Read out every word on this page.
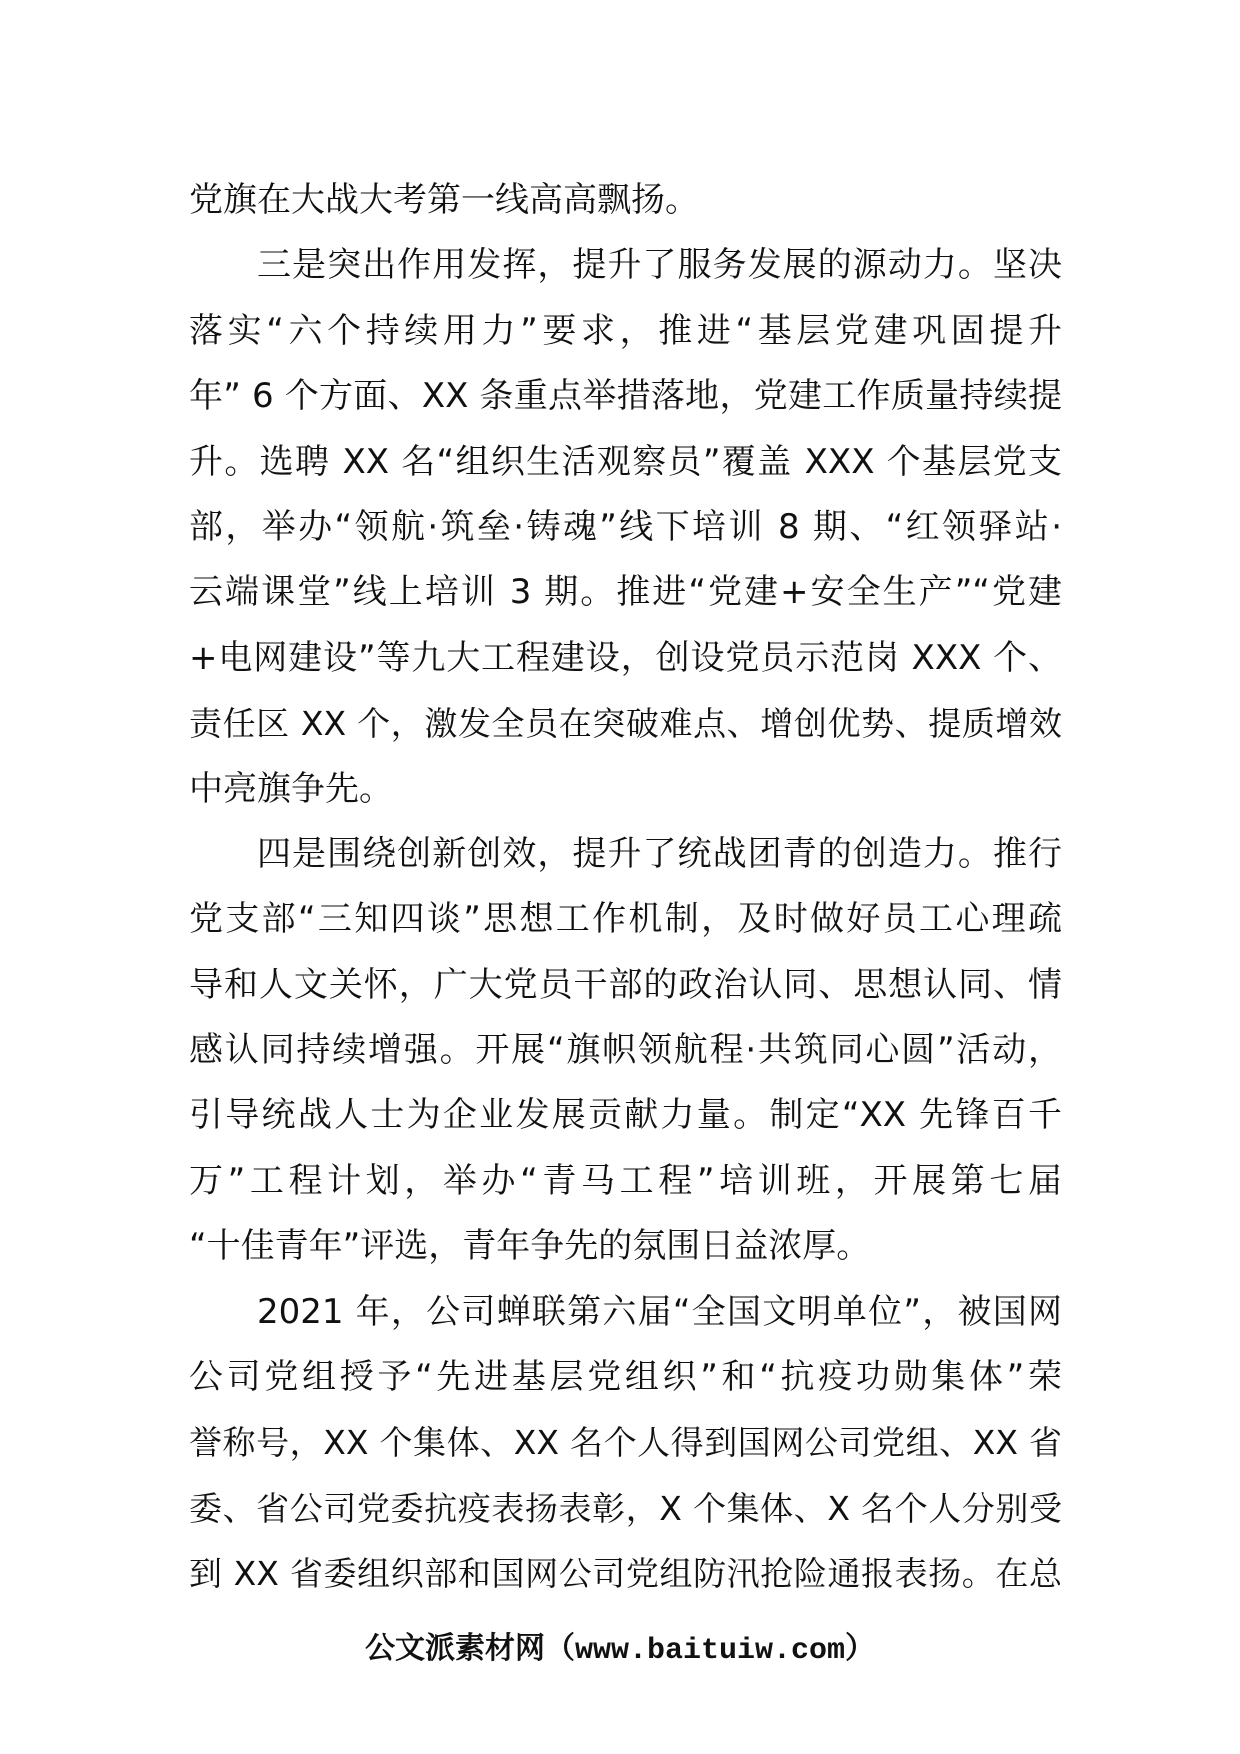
党旗在大战大考第一线高高飘扬。
三是突出作用发挥，提升了服务发展的源动力。坚决
落实“六个持续用力”要求，推进“基层党建巩固提升
年” 6 个方面、XX 条重点举措落地，党建工作质量持续提
升。选聘 XX 名“组织生活观察员”覆盖 XXX 个基层党支
部，举办“领航·筑垒·铸魂”线下培训 8 期、“红领驿站·
云端课堂”线上培训 3 期。推进“党建+安全生产”“党建
+电网建设”等九大工程建设，创设党员示范岗 XXX 个、
责任区 XX 个，激发全员在突破难点、增创优势、提质增效
中亮旗争先。
四是围绕创新创效，提升了统战团青的创造力。推行
党支部“三知四谈”思想工作机制，及时做好员工心理疏
导和人文关怀，广大党员干部的政治认同、思想认同、情
感认同持续增强。开展“旗帜领航程·共筑同心圆”活动，
引导统战人士为企业发展贡献力量。制定“XX 先锋百千
万”工程计划，举办“青马工程”培训班，开展第七届
“十佳青年”评选，青年争先的氛围日益浓厚。
2021 年，公司蝉联第六届“全国文明单位”，被国网
公司党组授予“先进基层党组织”和“抗疫功勋集体”荣
誉称号，XX 个集体、XX 名个人得到国网公司党组、XX 省
委、省公司党委抗疫表扬表彰，X 个集体、X 名个人分别受
到 XX 省委组织部和国网公司党组防汛抢险通报表扬。在总
公文派素材网（www.baituiw.com）
